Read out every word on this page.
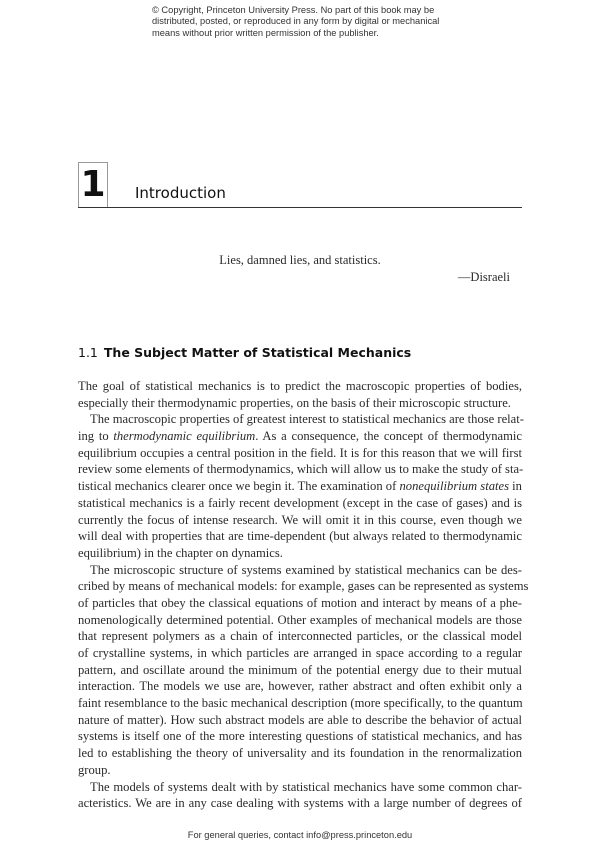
© Copyright, Princeton University Press. No part of this book may be
distributed, posted, or reproduced in any form by digital or mechanical
means without prior written permission of the publisher.
1 Introduction
Lies, damned lies, and statistics.
—Disraeli
1.1 The Subject Matter of Statistical Mechanics
The goal of statistical mechanics is to predict the macroscopic properties of bodies,
especially their thermodynamic properties, on the basis of their microscopic structure.
The macroscopic properties of greatest interest to statistical mechanics are those relat-
ing to thermodynamic equilibrium. As a consequence, the concept of thermodynamic
equilibrium occupies a central position in the field. It is for this reason that we will first
review some elements of thermodynamics, which will allow us to make the study of sta-
tistical mechanics clearer once we begin it. The examination of nonequilibrium states in
statistical mechanics is a fairly recent development (except in the case of gases) and is
currently the focus of intense research. We will omit it in this course, even though we
will deal with properties that are time-dependent (but always related to thermodynamic
equilibrium) in the chapter on dynamics.
The microscopic structure of systems examined by statistical mechanics can be des-
cribed by means of mechanical models: for example, gases can be represented as systems
of particles that obey the classical equations of motion and interact by means of a phe-
nomenologically determined potential. Other examples of mechanical models are those
that represent polymers as a chain of interconnected particles, or the classical model
of crystalline systems, in which particles are arranged in space according to a regular
pattern, and oscillate around the minimum of the potential energy due to their mutual
interaction. The models we use are, however, rather abstract and often exhibit only a
faint resemblance to the basic mechanical description (more specifically, to the quantum
nature of matter). How such abstract models are able to describe the behavior of actual
systems is itself one of the more interesting questions of statistical mechanics, and has
led to establishing the theory of universality and its foundation in the renormalization
group.
The models of systems dealt with by statistical mechanics have some common char-
acteristics. We are in any case dealing with systems with a large number of degrees of
For general queries, contact info@press.princeton.edu
